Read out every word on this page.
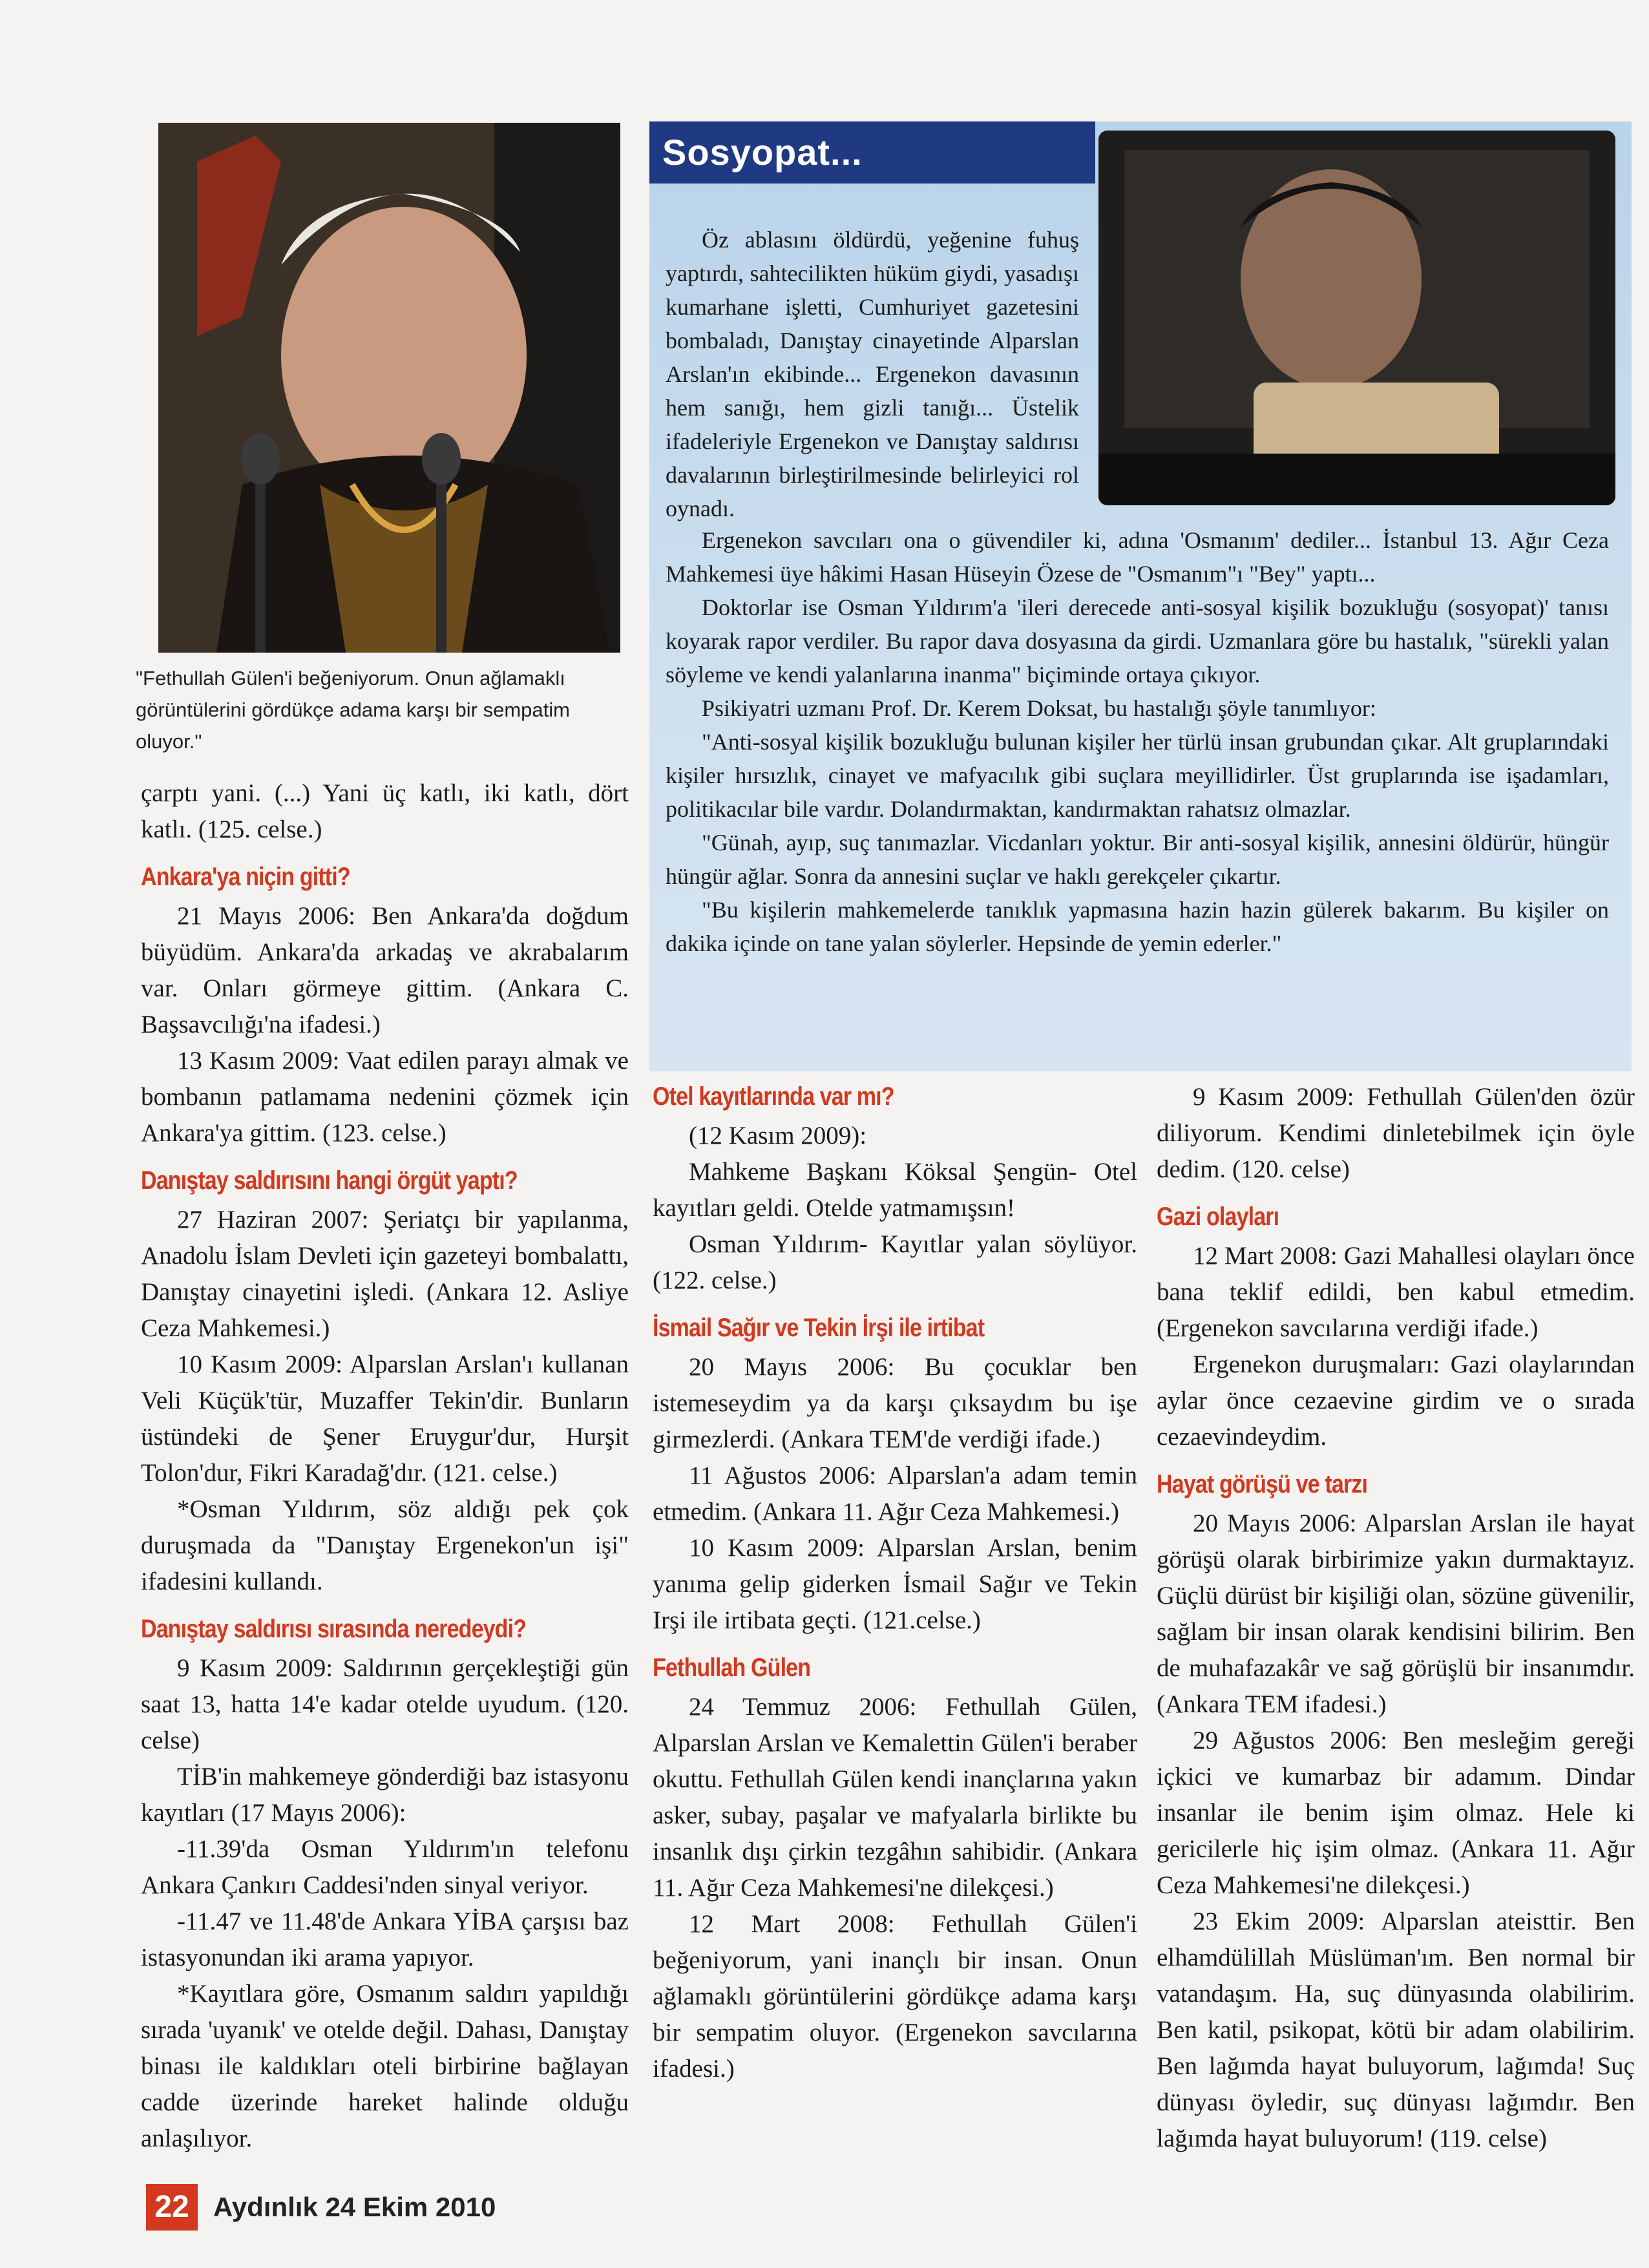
"Fethullah Gülen'i beğeniyorum. Onun ağlamaklı görüntülerini gördükçe adama karşı bir sempatim oluyor."
Sosyopat...

Öz ablasını öldürdü, yeğenine fuhuş yaptırdı, sahtecilikten hüküm giydi, yasadışı kumarhane işletti, Cumhuriyet gazetesini bombaladı, Danıştay cinayetinde Alparslan Arslan'ın ekibinde... Ergenekon davasının hem sanığı, hem gizli tanığı... Üstelik ifadeleriyle Ergenekon ve Danıştay saldırısı davalarının birleştirilmesinde belirleyici rol oynadı.

Ergenekon savcıları ona o güvendiler ki, adına 'Osmanım' dediler... İstanbul 13. Ağır Ceza Mahkemesi üye hâkimi Hasan Hüseyin Özese de "Osmanım"ı "Bey" yaptı...

Doktorlar ise Osman Yıldırım'a 'ileri derecede anti-sosyal kişilik bozukluğu (sosyopat)' tanısı koyarak rapor verdiler. Bu rapor dava dosyasına da girdi. Uzmanlara göre bu hastalık, "sürekli yalan söyleme ve kendi yalanlarına inanma" biçiminde ortaya çıkıyor.

Psikiyatri uzmanı Prof. Dr. Kerem Doksat, bu hastalığı şöyle tanımlıyor:

"Anti-sosyal kişilik bozukluğu bulunan kişiler her türlü insan grubundan çıkar. Alt gruplarındaki kişiler hırsızlık, cinayet ve mafyacılık gibi suçlara meyillidirler. Üst gruplarında ise işadamları, politikacılar bile vardır. Dolandırmaktan, kandırmaktan rahatsız olmazlar.

"Günah, ayıp, suç tanımazlar. Vicdanları yoktur. Bir anti-sosyal kişilik, annesini öldürür, hüngür hüngür ağlar. Sonra da annesini suçlar ve haklı gerekçeler çıkartır.

"Bu kişilerin mahkemelerde tanıklık yapmasına hazin hazin gülerek bakarım. Bu kişiler on dakika içinde on tane yalan söylerler. Hepsinde de yemin ederler."

çarptı yani. (...) Yani üç katlı, iki katlı, dört katlı. (125. celse.)

Ankara'ya niçin gitti?

21 Mayıs 2006: Ben Ankara'da doğdum büyüdüm. Ankara'da arkadaş ve akrabalarım var. Onları görmeye gittim. (Ankara C. Başsavcılığı'na ifadesi.)

13 Kasım 2009: Vaat edilen parayı almak ve bombanın patlamama nedenini çözmek için Ankara'ya gittim. (123. celse.)

Danıştay saldırısını hangi örgüt yaptı?

27 Haziran 2007: Şeriatçı bir yapılanma, Anadolu İslam Devleti için gazeteyi bombalattı, Danıştay cinayetini işledi. (Ankara 12. Asliye Ceza Mahkemesi.)

10 Kasım 2009: Alparslan Arslan'ı kullanan Veli Küçük'tür, Muzaffer Tekin'dir. Bunların üstündeki de Şener Eruygur'dur, Hurşit Tolon'dur, Fikri Karadağ'dır. (121. celse.)

*Osman Yıldırım, söz aldığı pek çok duruşmada da "Danıştay Ergenekon'un işi" ifadesini kullandı.

Danıştay saldırısı sırasında neredeydi?

9 Kasım 2009: Saldırının gerçekleştiği gün saat 13, hatta 14'e kadar otelde uyudum. (120. celse)

TİB'in mahkemeye gönderdiği baz istasyonu kayıtları (17 Mayıs 2006):

-11.39'da Osman Yıldırım'ın telefonu Ankara Çankırı Caddesi'nden sinyal veriyor.

-11.47 ve 11.48'de Ankara YİBA çarşısı baz istasyonundan iki arama yapıyor.

*Kayıtlara göre, Osmanım saldırı yapıldığı sırada 'uyanık' ve otelde değil. Dahası, Danıştay binası ile kaldıkları oteli birbirine bağlayan cadde üzerinde hareket halinde olduğu anlaşılıyor.

Otel kayıtlarında var mı?

(12 Kasım 2009):

Mahkeme Başkanı Köksal Şengün- Otel kayıtları geldi. Otelde yatmamışsın!

Osman Yıldırım- Kayıtlar yalan söylüyor. (122. celse.)

İsmail Sağır ve Tekin İrşi ile irtibat

20 Mayıs 2006: Bu çocuklar ben istemeseydim ya da karşı çıksaydım bu işe girmezlerdi. (Ankara TEM'de verdiği ifade.)

11 Ağustos 2006: Alparslan'a adam temin etmedim. (Ankara 11. Ağır Ceza Mahkemesi.)

10 Kasım 2009: Alparslan Arslan, benim yanıma gelip giderken İsmail Sağır ve Tekin Irşi ile irtibata geçti. (121.celse.)

Fethullah Gülen

24 Temmuz 2006: Fethullah Gülen, Alparslan Arslan ve Kemalettin Gülen'i beraber okuttu. Fethullah Gülen kendi inançlarına yakın asker, subay, paşalar ve mafyalarla birlikte bu insanlık dışı çirkin tezgâhın sahibidir. (Ankara 11. Ağır Ceza Mahkemesi'ne dilekçesi.)

12 Mart 2008: Fethullah Gülen'i beğeniyorum, yani inançlı bir insan. Onun ağlamaklı görüntülerini gördükçe adama karşı bir sempatim oluyor. (Ergenekon savcılarına ifadesi.)

9 Kasım 2009: Fethullah Gülen'den özür diliyorum. Kendimi dinletebilmek için öyle dedim. (120. celse)

Gazi olayları

12 Mart 2008: Gazi Mahallesi olayları önce bana teklif edildi, ben kabul etmedim. (Ergenekon savcılarına verdiği ifade.)

Ergenekon duruşmaları: Gazi olaylarından aylar önce cezaevine girdim ve o sırada cezaevindeydim.

Hayat görüşü ve tarzı

20 Mayıs 2006: Alparslan Arslan ile hayat görüşü olarak birbirimize yakın durmaktayız. Güçlü dürüst bir kişiliği olan, sözüne güvenilir, sağlam bir insan olarak kendisini bilirim. Ben de muhafazakâr ve sağ görüşlü bir insanımdır. (Ankara TEM ifadesi.)

29 Ağustos 2006: Ben mesleğim gereği içkici ve kumarbaz bir adamım. Dindar insanlar ile benim işim olmaz. Hele ki gericilerle hiç işim olmaz. (Ankara 11. Ağır Ceza Mahkemesi'ne dilekçesi.)

23 Ekim 2009: Alparslan ateisttir. Ben elhamdülillah Müslüman'ım. Ben normal bir vatandaşım. Ha, suç dünyasında olabilirim. Ben katil, psikopat, kötü bir adam olabilirim. Ben lağımda hayat buluyorum, lağımda! Suç dünyası öyledir, suç dünyası lağımdır. Ben lağımda hayat buluyorum! (119. celse)

22 Aydınlık 24 Ekim 2010
